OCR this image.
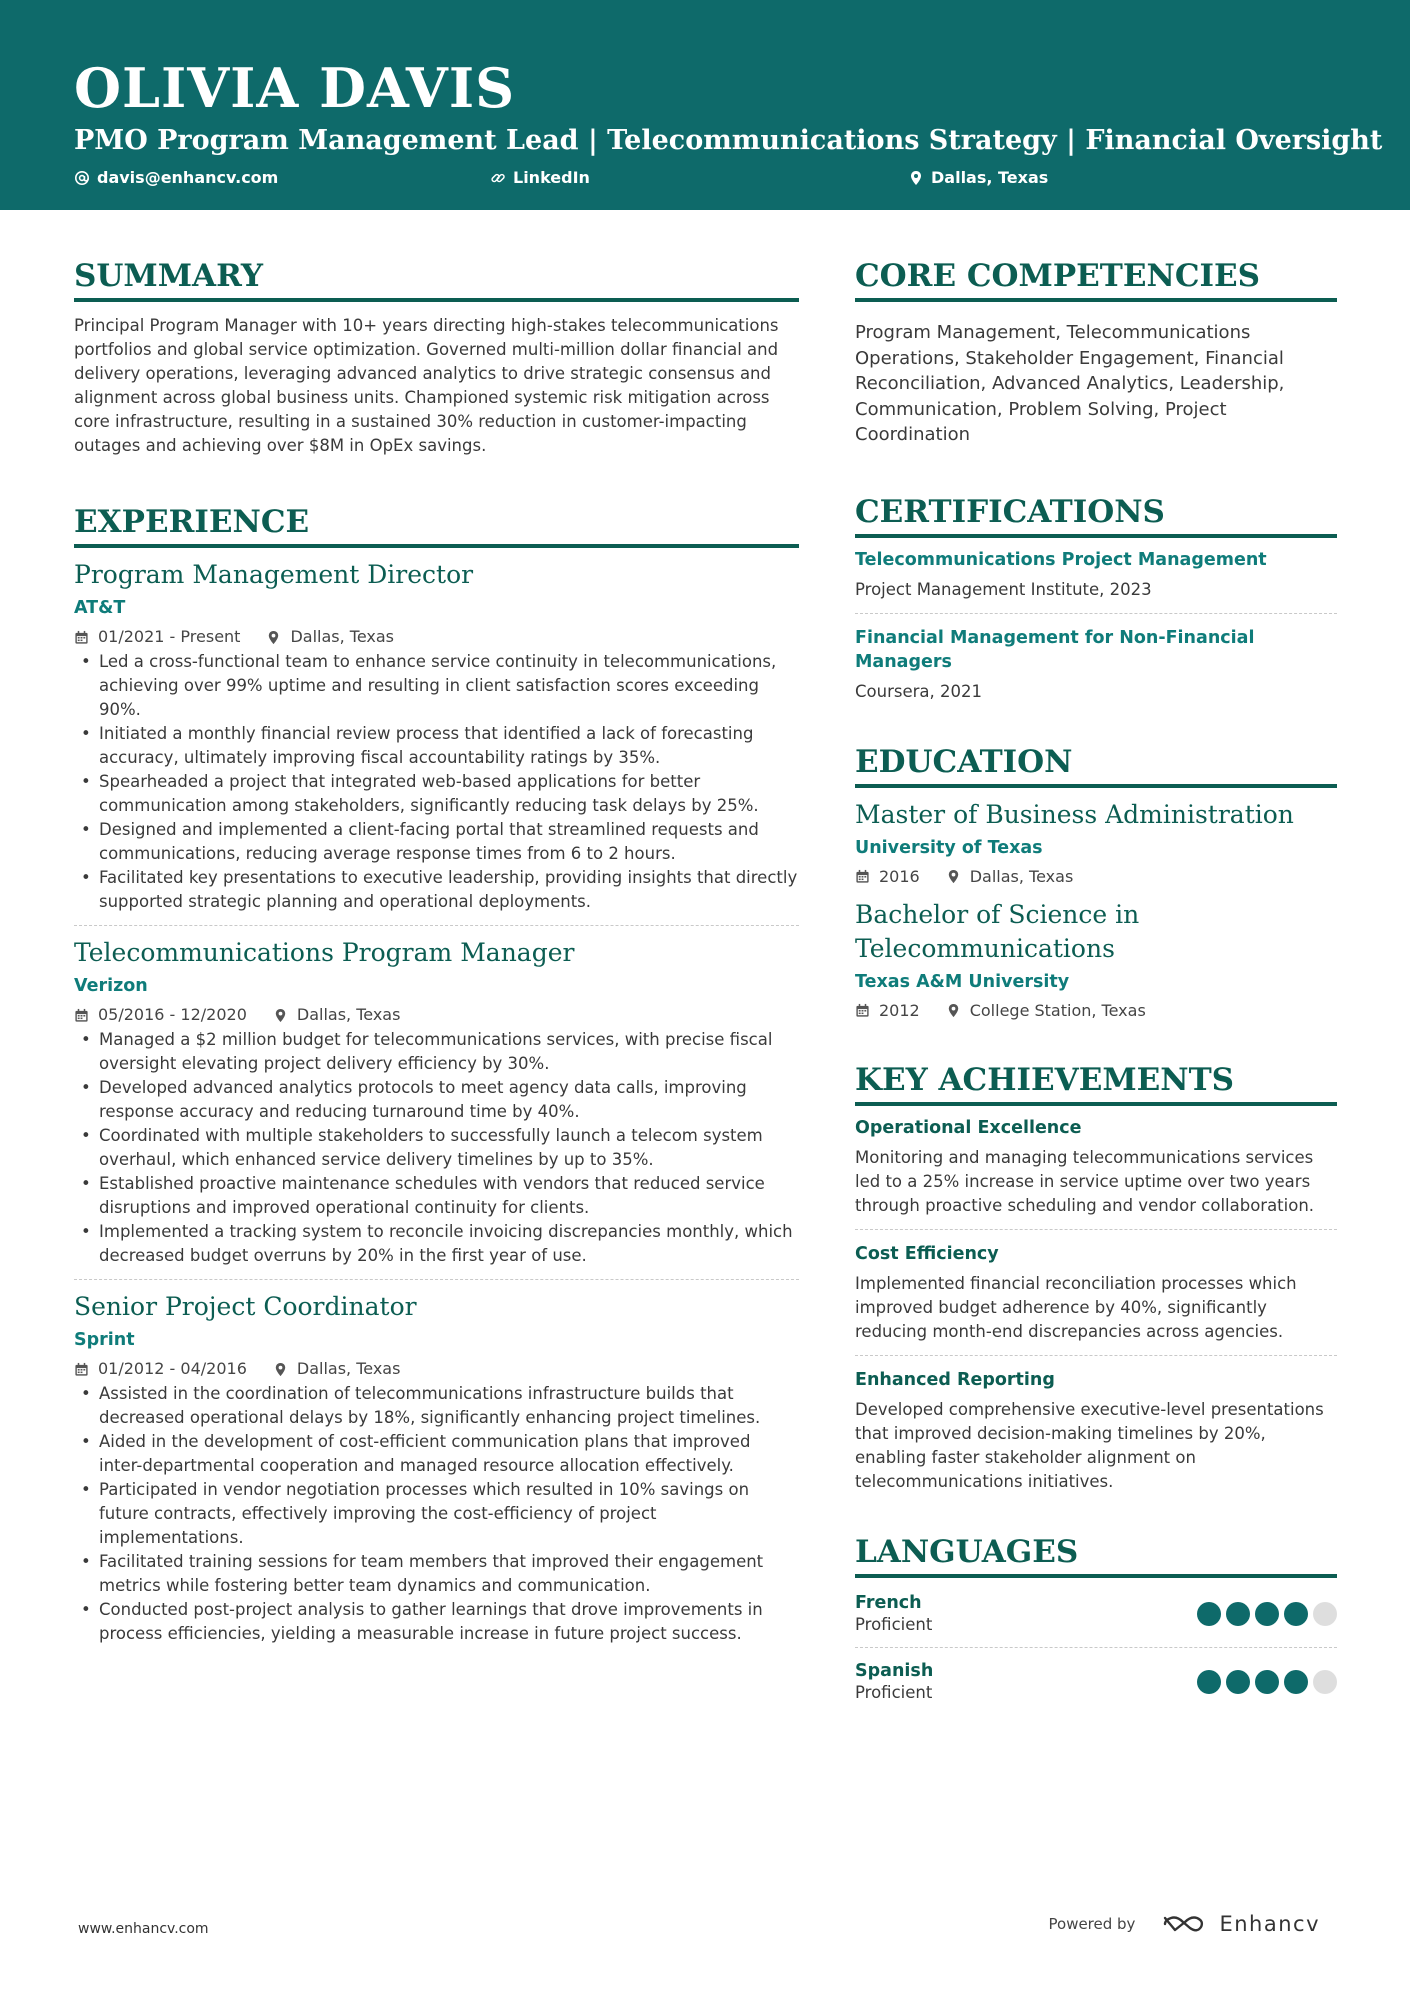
OLIVIA DAVIS
PMO Program Management Lead | Telecommunications Strategy | Financial Oversight
davis@enhancv.com	LinkedIn	Dallas, Texas
SUMMARY

Principal Program Manager with 10+ years directing high-stakes telecommunications portfolios and global service optimization. Governed multi-million dollar financial and delivery operations, leveraging advanced analytics to drive strategic consensus and alignment across global business units. Championed systemic risk mitigation across core infrastructure, resulting in a sustained 30% reduction in customer-impacting outages and achieving over $8M in OpEx savings.

EXPERIENCE
Program Management Director
AT&T
01/2021 - Present	Dallas, Texas
• Led a cross-functional team to enhance service continuity in telecommunications, achieving over 99% uptime and resulting in client satisfaction scores exceeding 90%.
• Initiated a monthly financial review process that identified a lack of forecasting accuracy, ultimately improving fiscal accountability ratings by 35%.
• Spearheaded a project that integrated web-based applications for better communication among stakeholders, significantly reducing task delays by 25%.
• Designed and implemented a client-facing portal that streamlined requests and communications, reducing average response times from 6 to 2 hours.
• Facilitated key presentations to executive leadership, providing insights that directly supported strategic planning and operational deployments.
Telecommunications Program Manager
Verizon
05/2016 - 12/2020	Dallas, Texas
• Managed a $2 million budget for telecommunications services, with precise fiscal oversight elevating project delivery efficiency by 30%.
• Developed advanced analytics protocols to meet agency data calls, improving response accuracy and reducing turnaround time by 40%.
• Coordinated with multiple stakeholders to successfully launch a telecom system overhaul, which enhanced service delivery timelines by up to 35%.
• Established proactive maintenance schedules with vendors that reduced service disruptions and improved operational continuity for clients.
• Implemented a tracking system to reconcile invoicing discrepancies monthly, which decreased budget overruns by 20% in the first year of use.
Senior Project Coordinator
Sprint
01/2012 - 04/2016	Dallas, Texas
• Assisted in the coordination of telecommunications infrastructure builds that decreased operational delays by 18%, significantly enhancing project timelines.
• Aided in the development of cost-efficient communication plans that improved inter-departmental cooperation and managed resource allocation effectively.
• Participated in vendor negotiation processes which resulted in 10% savings on future contracts, effectively improving the cost-efficiency of project implementations.
• Facilitated training sessions for team members that improved their engagement metrics while fostering better team dynamics and communication.
• Conducted post-project analysis to gather learnings that drove improvements in process efficiencies, yielding a measurable increase in future project success.
CORE COMPETENCIES

Program Management, Telecommunications Operations, Stakeholder Engagement, Financial Reconciliation, Advanced Analytics, Leadership, Communication, Problem Solving, Project Coordination

CERTIFICATIONS
Telecommunications Project Management
Project Management Institute, 2023
Financial Management for Non-Financial Managers
Coursera, 2021
EDUCATION
Master of Business Administration
University of Texas
2016	Dallas, Texas
Bachelor of Science in Telecommunications
Texas A&M University
2012	College Station, Texas
KEY ACHIEVEMENTS
Operational Excellence

Monitoring and managing telecommunications services led to a 25% increase in service uptime over two years through proactive scheduling and vendor collaboration.

Cost Efficiency

Implemented financial reconciliation processes which improved budget adherence by 40%, significantly reducing month-end discrepancies across agencies.

Enhanced Reporting

Developed comprehensive executive-level presentations that improved decision-making timelines by 20%, enabling faster stakeholder alignment on telecommunications initiatives.

LANGUAGES
French
Proficient
Spanish
Proficient
www.enhancv.com	Powered by	Enhancv
